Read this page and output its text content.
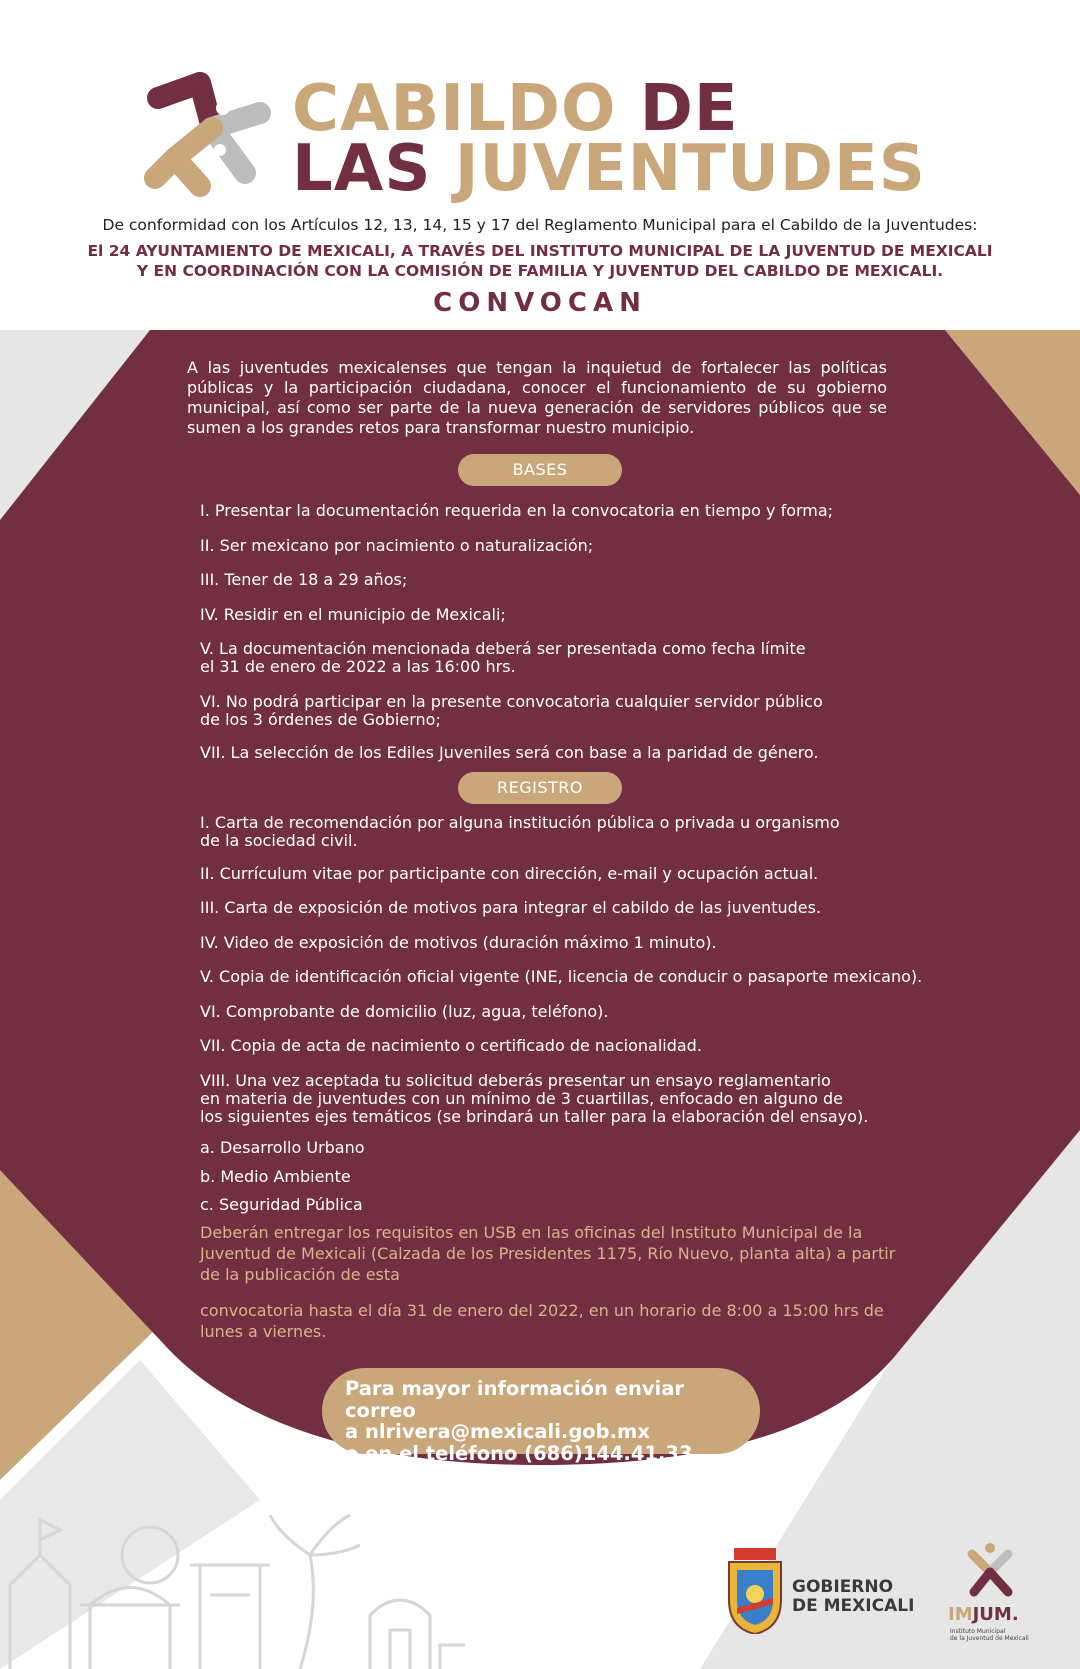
CABILDO DE
LAS JUVENTUDES
De conformidad con los Artículos 12, 13, 14, 15 y 17 del Reglamento Municipal para el Cabildo de la Juventudes:
El 24 AYUNTAMIENTO DE MEXICALI, A TRAVÉS DEL INSTITUTO MUNICIPAL DE LA JUVENTUD DE MEXICALI
Y EN COORDINACIÓN CON LA COMISIÓN DE FAMILIA Y JUVENTUD DEL CABILDO DE MEXICALI.
CONVOCAN
A las juventudes mexicalenses que tengan la inquietud de fortalecer las políticas públicas y la participación ciudadana, conocer el funcionamiento de su gobierno municipal, así como ser parte de la nueva generación de servidores públicos que se sumen a los grandes retos para transformar nuestro municipio.
BASES
I. Presentar la documentación requerida en la convocatoria en tiempo y forma;
II. Ser mexicano por nacimiento o naturalización;
III. Tener de 18 a 29 años;
IV. Residir en el municipio de Mexicali;
V. La documentación mencionada deberá ser presentada como fecha límite
el 31 de enero de 2022 a las 16:00 hrs.
VI. No podrá participar en la presente convocatoria cualquier servidor público
de los 3 órdenes de Gobierno;
VII. La selección de los Ediles Juveniles será con base a la paridad de género.
REGISTRO
I. Carta de recomendación por alguna institución pública o privada u organismo
de la sociedad civil.
II. Currículum vitae por participante con dirección, e-mail y ocupación actual.
III. Carta de exposición de motivos para integrar el cabildo de las juventudes.
IV. Video de exposición de motivos (duración máximo 1 minuto).
V. Copia de identificación oficial vigente (INE, licencia de conducir o pasaporte mexicano).
VI. Comprobante de domicilio (luz, agua, teléfono).
VII. Copia de acta de nacimiento o certificado de nacionalidad.
VIII. Una vez aceptada tu solicitud deberás presentar un ensayo reglamentario
en materia de juventudes con un mínimo de 3 cuartillas, enfocado en alguno de
los siguientes ejes temáticos (se brindará un taller para la elaboración del ensayo).
a. Desarrollo Urbano
b. Medio Ambiente
c. Seguridad Pública
Deberán entregar los requisitos en USB en las oficinas del Instituto Municipal de la Juventud de Mexicali (Calzada de los Presidentes 1175, Río Nuevo, planta alta) a partir de la publicación de esta
convocatoria hasta el día 31 de enero del 2022, en un horario de 8:00 a 15:00 hrs de lunes a viernes.
Para mayor información enviar correo
a nlrivera@mexicali.gob.mx
o en el teléfono (686)144.41.33
GOBIERNO
DE MEXICALI IMJUM.
Instituto Municipal
de la Juventud de Mexicali
